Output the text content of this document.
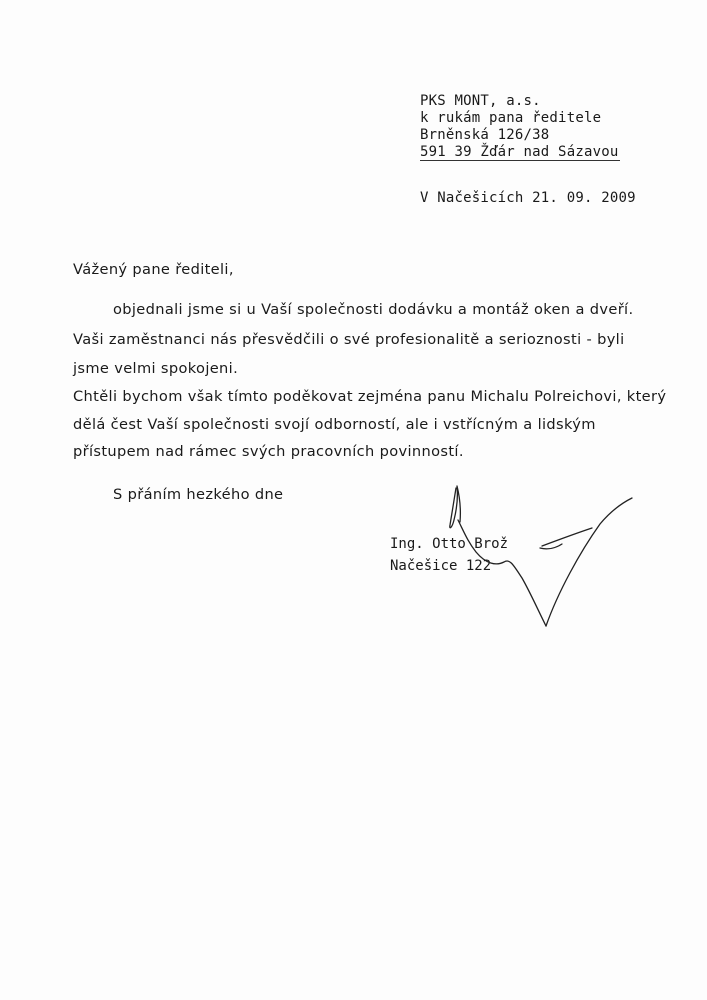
PKS MONT, a.s.
k rukám pana ředitele
Brněnská 126/38
591 39 Žďár nad Sázavou
V Načešicích 21. 09. 2009
Vážený pane řediteli,
objednali jsme si u Vaší společnosti dodávku a montáž oken a dveří.
Vaši zaměstnanci nás přesvědčili o své profesionalitě a serioznosti - byli
jsme velmi spokojeni.
Chtěli bychom však tímto poděkovat zejména panu Michalu Polreichovi, který
dělá čest Vaší společnosti svojí odborností, ale i vstřícným a lidským
přístupem nad rámec svých pracovních povinností.
S přáním hezkého dne
Ing. Otto Brož
Načešice 122
